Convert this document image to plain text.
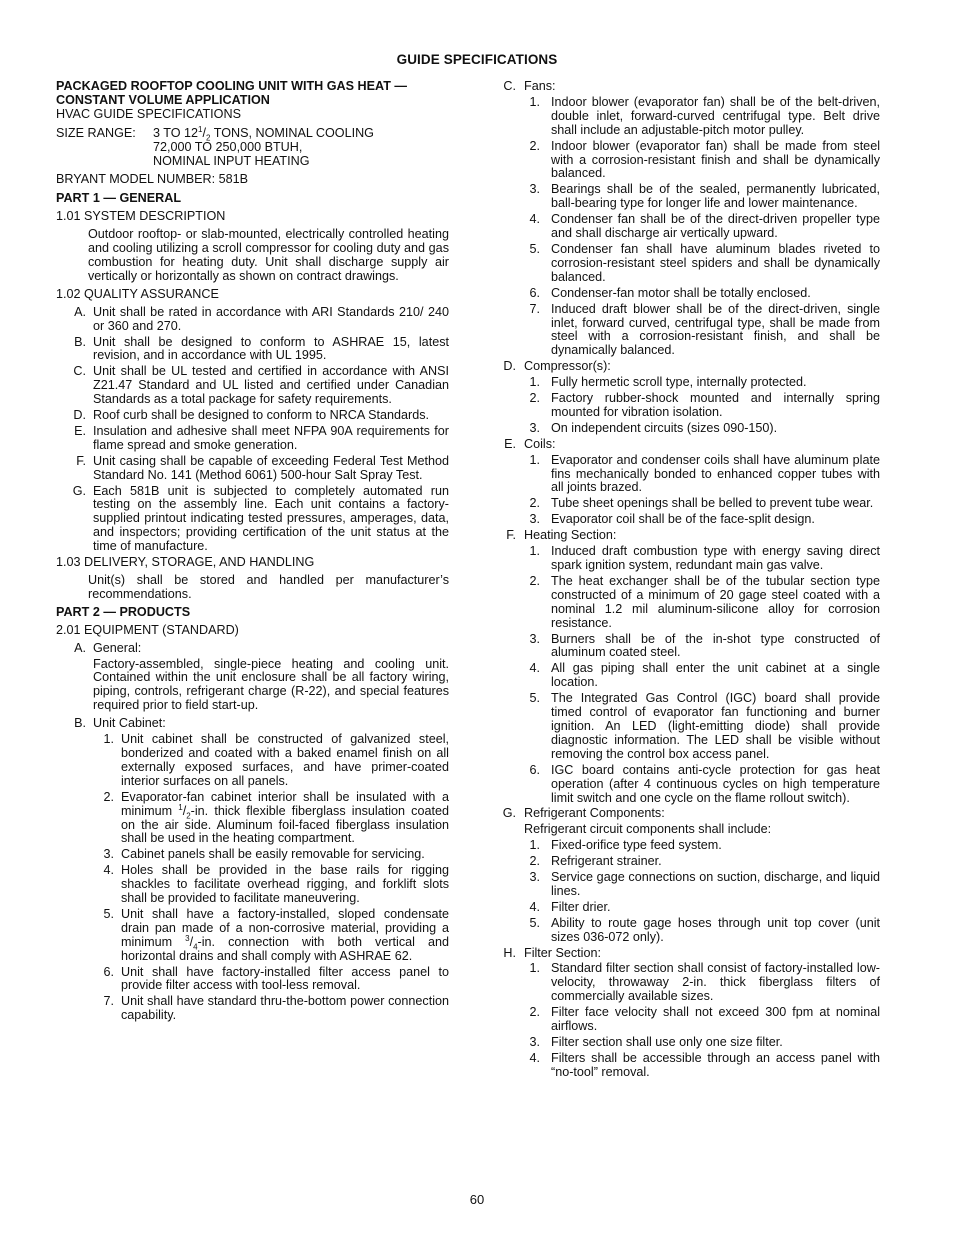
GUIDE SPECIFICATIONS

PACKAGED ROOFTOP COOLING UNIT WITH GAS HEAT — CONSTANT VOLUME APPLICATION

HVAC GUIDE SPECIFICATIONS

SIZE RANGE:	3 TO $12^1/_2$ TONS, NOMINAL COOLING
72,000 TO 250,000 BTUH,
NOMINAL INPUT HEATING

BRYANT MODEL NUMBER: 581B

PART 1 — GENERAL

1.01 SYSTEM DESCRIPTION

Outdoor rooftop- or slab-mounted, electrically controlled heating and cooling utilizing a scroll compressor for cooling duty and gas combustion for heating duty. Unit shall discharge supply air vertically or horizontally as shown on contract drawings.

1.02 QUALITY ASSURANCE

A. Unit shall be rated in accordance with ARI Standards 210/ 240 or 360 and 270.
B. Unit shall be designed to conform to ASHRAE 15, latest revision, and in accordance with UL 1995.
C. Unit shall be UL tested and certified in accordance with ANSI Z21.47 Standard and UL listed and certified under Canadian Standards as a total package for safety requirements.
D. Roof curb shall be designed to conform to NRCA Standards.
E. Insulation and adhesive shall meet NFPA 90A requirements for flame spread and smoke generation.
F. Unit casing shall be capable of exceeding Federal Test Method Standard No. 141 (Method 6061) 500-hour Salt Spray Test.
G. Each 581B unit is subjected to completely automated run testing on the assembly line. Each unit contains a factory-supplied printout indicating tested pressures, amperages, data, and inspectors; providing certification of the unit status at the time of manufacture.

1.03 DELIVERY, STORAGE, AND HANDLING

Unit(s) shall be stored and handled per manufacturer’s recommendations.

PART 2 — PRODUCTS

2.01 EQUIPMENT (STANDARD)

A. General:

Factory-assembled, single-piece heating and cooling unit. Contained within the unit enclosure shall be all factory wiring, piping, controls, refrigerant charge (R-22), and special features required prior to field start-up.

B. Unit Cabinet:
1. Unit cabinet shall be constructed of galvanized steel, bonderized and coated with a baked enamel finish on all externally exposed surfaces, and have primer-coated interior surfaces on all panels.
2. Evaporator-fan cabinet interior shall be insulated with a minimum $^1/_2-in$. thick flexible fiberglass insulation coated on the air side. Aluminum foil-faced fiberglass insulation shall be used in the heating compartment.
3. Cabinet panels shall be easily removable for servicing.
4. Holes shall be provided in the base rails for rigging shackles to facilitate overhead rigging, and forklift slots shall be provided to facilitate maneuvering.
5. Unit shall have a factory-installed, sloped condensate drain pan made of a non-corrosive material, providing a minimum $^3/_4-in$. connection with both vertical and horizontal drains and shall comply with ASHRAE 62.
6. Unit shall have factory-installed filter access panel to provide filter access with tool-less removal.
7. Unit shall have standard thru-the-bottom power connection capability.
C. Fans:
1. Indoor blower (evaporator fan) shall be of the belt-driven, double inlet, forward-curved centrifugal type. Belt drive shall include an adjustable-pitch motor pulley.
2. Indoor blower (evaporator fan) shall be made from steel with a corrosion-resistant finish and shall be dynamically balanced.
3. Bearings shall be of the sealed, permanently lubricated, ball-bearing type for longer life and lower maintenance.
4. Condenser fan shall be of the direct-driven propeller type and shall discharge air vertically upward.
5. Condenser fan shall have aluminum blades riveted to corrosion-resistant steel spiders and shall be dynamically balanced.
6. Condenser-fan motor shall be totally enclosed.
7. Induced draft blower shall be of the direct-driven, single inlet, forward curved, centrifugal type, shall be made from steel with a corrosion-resistant finish, and shall be dynamically balanced.
D. Compressor(s):
1. Fully hermetic scroll type, internally protected.
2. Factory rubber-shock mounted and internally spring mounted for vibration isolation.
3. On independent circuits (sizes 090-150).
E. Coils:
1. Evaporator and condenser coils shall have aluminum plate fins mechanically bonded to enhanced copper tubes with all joints brazed.
2. Tube sheet openings shall be belled to prevent tube wear.
3. Evaporator coil shall be of the face-split design.
F. Heating Section:
1. Induced draft combustion type with energy saving direct spark ignition system, redundant main gas valve.
2. The heat exchanger shall be of the tubular section type constructed of a minimum of 20 gage steel coated with a nominal 1.2 mil aluminum-silicone alloy for corrosion resistance.
3. Burners shall be of the in-shot type constructed of aluminum coated steel.
4. All gas piping shall enter the unit cabinet at a single location.
5. The Integrated Gas Control (IGC) board shall provide timed control of evaporator fan functioning and burner ignition. An LED (light-emitting diode) shall provide diagnostic information. The LED shall be visible without removing the control box access panel.
6. IGC board contains anti-cycle protection for gas heat operation (after 4 continuous cycles on high temperature limit switch and one cycle on the flame rollout switch).
G. Refrigerant Components:

Refrigerant circuit components shall include:

1. Fixed-orifice type feed system.
2. Refrigerant strainer.
3. Service gage connections on suction, discharge, and liquid lines.
4. Filter drier.
5. Ability to route gage hoses through unit top cover (unit sizes 036-072 only).
H. Filter Section:
1. Standard filter section shall consist of factory-installed low-velocity, throwaway 2-in. thick fiberglass filters of commercially available sizes.
2. Filter face velocity shall not exceed 300 fpm at nominal airflows.
3. Filter section shall use only one size filter.
4. Filters shall be accessible through an access panel with “no-tool” removal.
60
